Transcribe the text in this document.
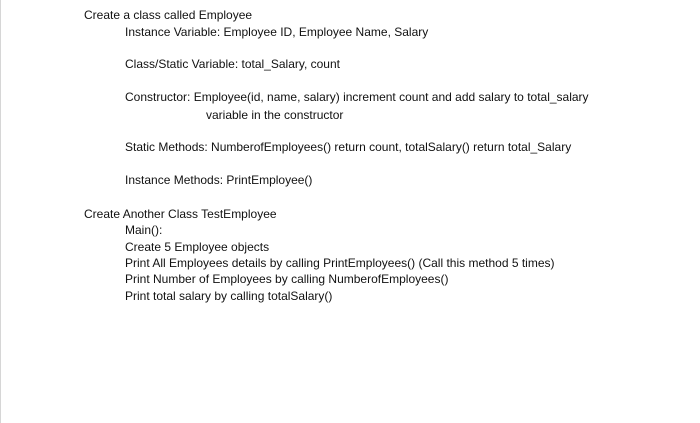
Create a class called Employee
Instance Variable: Employee ID, Employee Name, Salary
Class/Static Variable: total_Salary, count
Constructor: Employee(id, name, salary) increment count and add salary to total_salary
variable in the constructor
Static Methods: NumberofEmployees() return count, totalSalary() return total_Salary
Instance Methods: PrintEmployee()
Create Another Class TestEmployee
Main():
Create 5 Employee objects
Print All Employees details by calling PrintEmployees() (Call this method 5 times)
Print Number of Employees by calling NumberofEmployees()
Print total salary by calling totalSalary()
